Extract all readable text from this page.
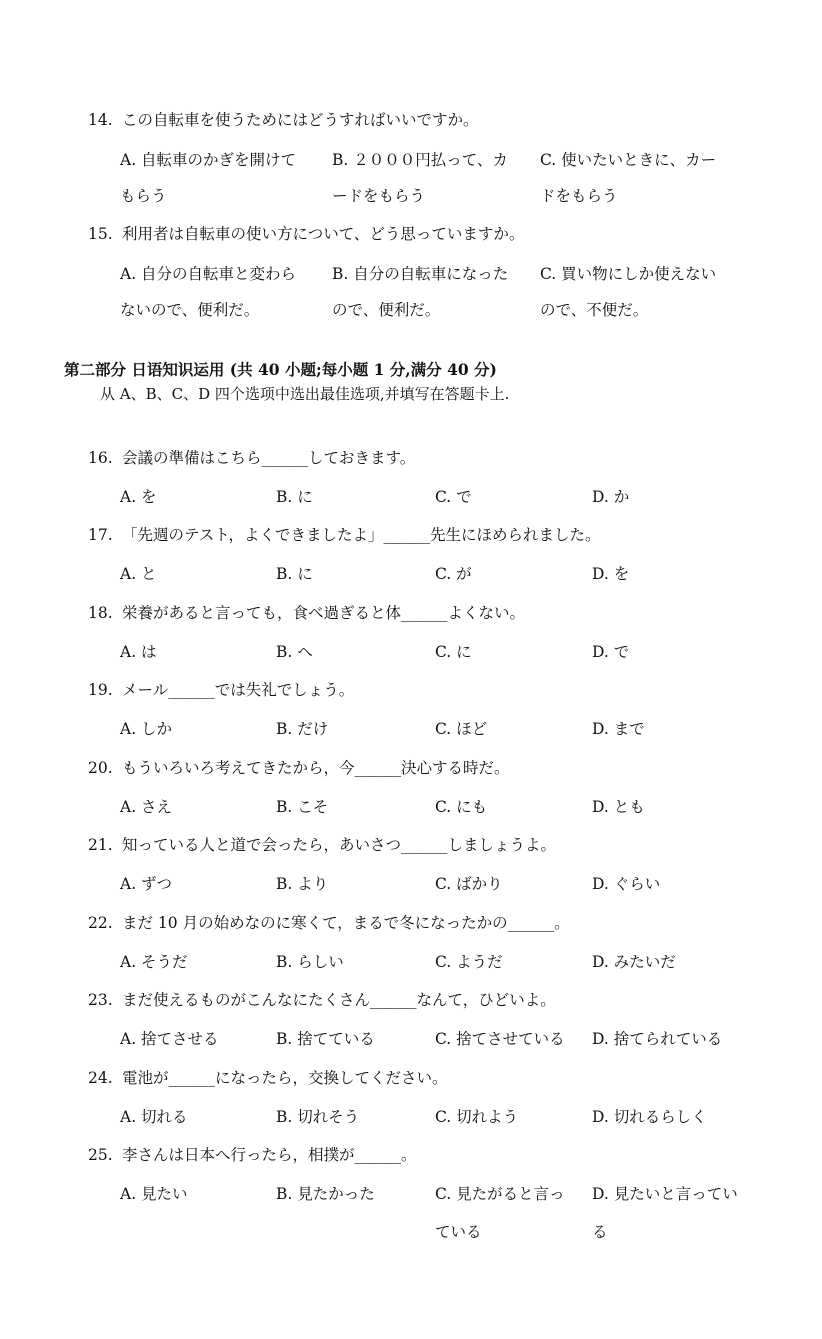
14. この自転車を使うためにはどうすればいいですか。
A. 自転車のかぎを開けて
もらう
B. ２０００円払って、カ
ードをもらう
C. 使いたいときに、カー
ドをもらう
15. 利用者は自転車の使い方について、どう思っていますか。
A. 自分の自転車と変わら
ないので、便利だ。
B. 自分の自転車になった
ので、便利だ。
C. 買い物にしか使えない
ので、不便だ。
第二部分 日语知识运用 (共 40 小题;每小题 1 分,满分 40 分)
从 A、B、C、D 四个选项中选出最佳选项,并填写在答题卡上.
16. 会議の準備はこちら______しておきます。
A. を	B. に	C. で	D. か
17. 「先週のテスト，よくできましたよ」______先生にほめられました。
A. と	B. に	C. が	D. を
18. 栄養があると言っても，食べ過ぎると体______よくない。
A. は	B. へ	C. に	D. で
19. メール______では失礼でしょう。
A. しか	B. だけ	C. ほど	D. まで
20. もういろいろ考えてきたから，今______決心する時だ。
A. さえ	B. こそ	C. にも	D. とも
21. 知っている人と道で会ったら，あいさつ______しましょうよ。
A. ずつ	B. より	C. ばかり	D. ぐらい
22. まだ 10 月の始めなのに寒くて，まるで冬になったかの______。
A. そうだ	B. らしい	C. ようだ	D. みたいだ
23. まだ使えるものがこんなにたくさん______なんて，ひどいよ。
A. 捨てさせる	B. 捨てている	C. 捨てさせている D. 捨てられている
24. 電池が______になったら，交換してください。
A. 切れる	B. 切れそう	C. 切れよう	D. 切れるらしく
25. 李さんは日本へ行ったら，相撲が______。
A. 見たい	B. 見たかった	C. 見たがると言っ
ている
D. 見たいと言ってい
る
